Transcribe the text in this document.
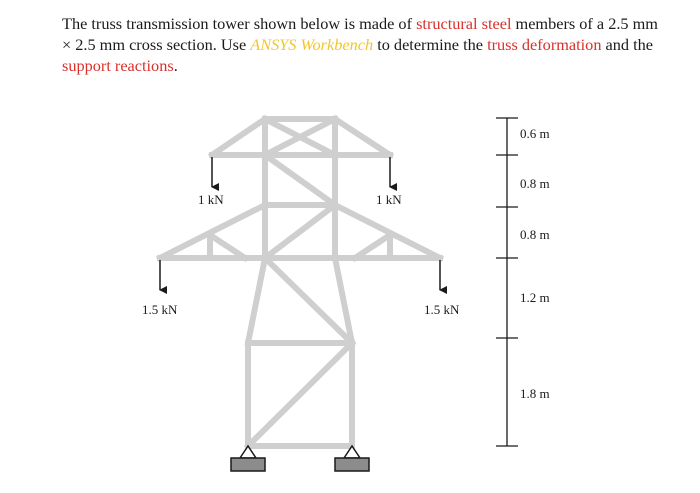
The truss transmission tower shown below is made of structural steel members of a 2.5 mm × 2.5 mm cross section. Use ANSYS Workbench to determine the truss deformation and the support reactions.

1 kN	1 kN
1.5 kN	1.5 kN
0.6 m
0.8 m
0.8 m
1.2 m
1.8 m
